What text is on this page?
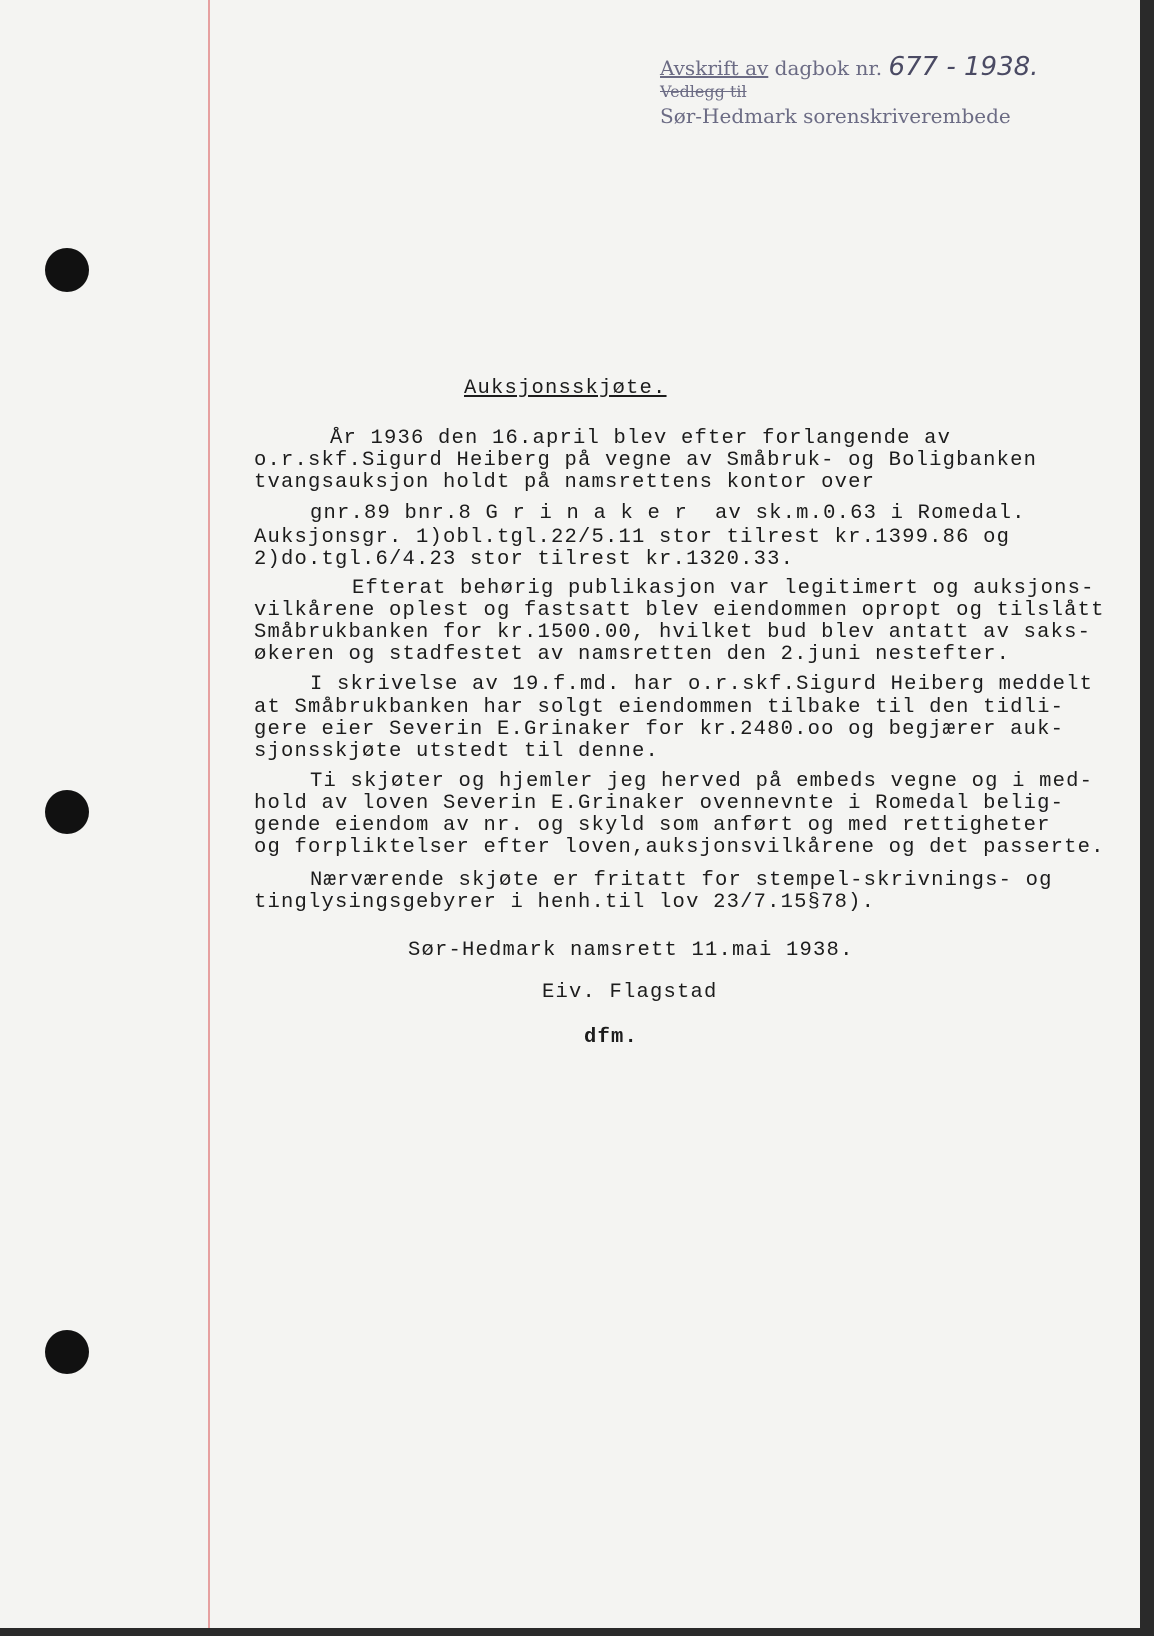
Avskrift av dagbok nr. 677 - 1938.
Vedlegg til
Sør-Hedmark sorenskriverembede
Auksjonsskjøte.
År 1936 den 16.april blev efter forlangende av
o.r.skf.Sigurd Heiberg på vegne av Småbruk- og Boligbanken
tvangsauksjon holdt på namsrettens kontor over
gnr.89 bnr.8 G r i n a k e r  av sk.m.0.63 i Romedal.
Auksjonsgr. 1)obl.tgl.22/5.11 stor tilrest kr.1399.86 og
2)do.tgl.6/4.23 stor tilrest kr.1320.33.
Efterat behørig publikasjon var legitimert og auksjons-
vilkårene oplest og fastsatt blev eiendommen opropt og tilslått
Småbrukbanken for kr.1500.00, hvilket bud blev antatt av saks-
økeren og stadfestet av namsretten den 2.juni nestefter.
I skrivelse av 19.f.md. har o.r.skf.Sigurd Heiberg meddelt
at Småbrukbanken har solgt eiendommen tilbake til den tidli-
gere eier Severin E.Grinaker for kr.2480.oo og begjærer auk-
sjonsskjøte utstedt til denne.
Ti skjøter og hjemler jeg herved på embeds vegne og i med-
hold av loven Severin E.Grinaker ovennevnte i Romedal belig-
gende eiendom av nr. og skyld som anført og med rettigheter
og forpliktelser efter loven,auksjonsvilkårene og det passerte.
Nærværende skjøte er fritatt for stempel-skrivnings- og
tinglysingsgebyrer i henh.til lov 23/7.15§78).
Sør-Hedmark namsrett 11.mai 1938.
Eiv. Flagstad
dfm.
